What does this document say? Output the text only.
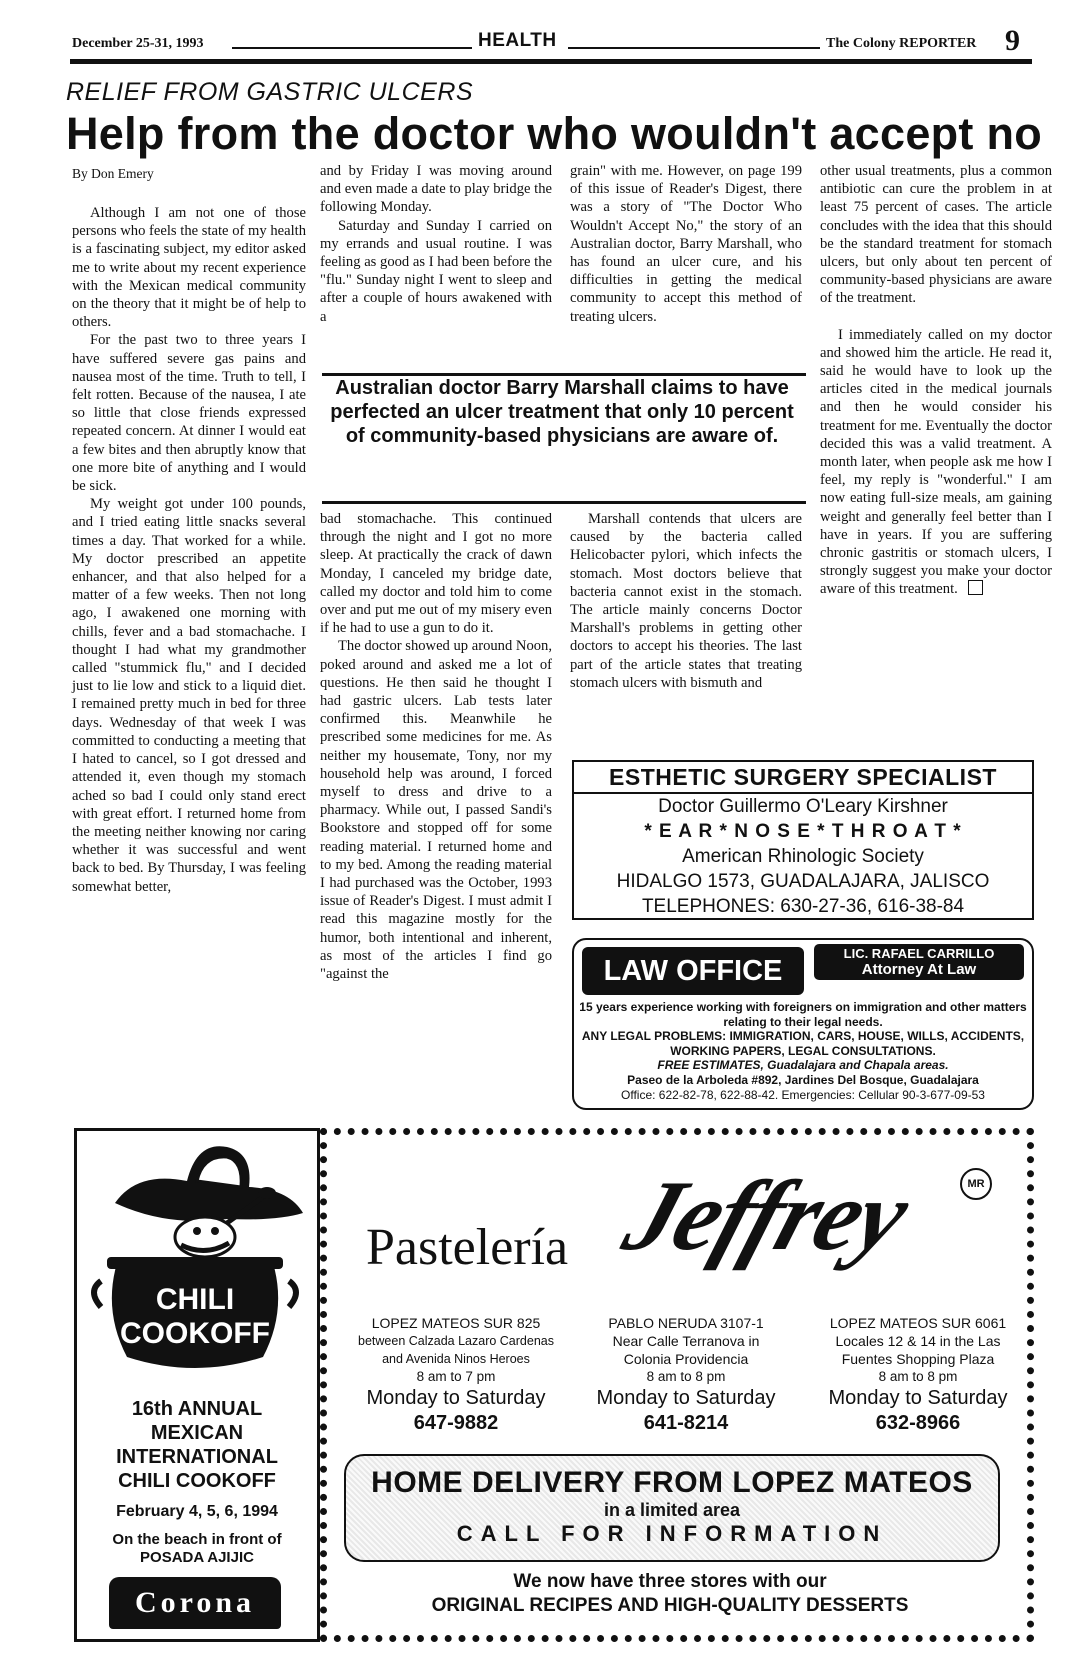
December 25-31, 1993	HEALTH	The Colony REPORTER 9
RELIEF FROM GASTRIC ULCERS
Help from the doctor who wouldn't accept no
By Don Emery

Although I am not one of those persons who feels the state of my health is a fascinating subject, my editor asked me to write about my recent experience with the Mexican medical community on the theory that it might be of help to others.

For the past two to three years I have suffered severe gas pains and nausea most of the time. Truth to tell, I felt rotten. Because of the nausea, I ate so little that close friends expressed repeated concern. At dinner I would eat a few bites and then abruptly know that one more bite of anything and I would be sick.

My weight got under 100 pounds, and I tried eating little snacks several times a day. That worked for a while. My doctor prescribed an appetite enhancer, and that also helped for a matter of a few weeks. Then not long ago, I awakened one morning with chills, fever and a bad stomachache. I thought I had what my grandmother called "stummick flu," and I decided just to lie low and stick to a liquid diet. I remained pretty much in bed for three days. Wednesday of that week I was committed to conducting a meeting that I hated to cancel, so I got dressed and attended it, even though my stomach ached so bad I could only stand erect with great effort. I returned home from the meeting neither knowing nor caring whether it was successful and went back to bed. By Thursday, I was feeling somewhat better,

and by Friday I was moving around and even made a date to play bridge the following Monday.

Saturday and Sunday I carried on my errands and usual routine. I was feeling as good as I had been before the "flu." Sunday night I went to sleep and after a couple of hours awakened with a

grain" with me. However, on page 199 of this issue of Reader's Digest, there was a story of "The Doctor Who Wouldn't Accept No," the story of an Australian doctor, Barry Marshall, who has found an ulcer cure, and his difficulties in getting the medical community to accept this method of treating ulcers.

other usual treatments, plus a common antibiotic can cure the problem in at least 75 percent of cases. The article concludes with the idea that this should be the standard treatment for stomach ulcers, but only about ten percent of community-based physicians are aware of the treatment.

I immediately called on my doctor and showed him the article. He read it, said he would have to look up the articles cited in the medical journals and then he would consider his treatment for me. Eventually the doctor decided this was a valid treatment. A month later, when people ask me how I feel, my reply is "wonderful." I am now eating full-size meals, am gaining weight and generally feel better than I have in years. If you are suffering chronic gastritis or stomach ulcers, I strongly suggest you make your doctor aware of this treatment.

Australian doctor Barry Marshall claims to have perfected an ulcer treatment that only 10 percent of community-based physicians are aware of.

bad stomachache. This continued through the night and I got no more sleep. At practically the crack of dawn Monday, I canceled my bridge date, called my doctor and told him to come over and put me out of my misery even if he had to use a gun to do it.

The doctor showed up around Noon, poked around and asked me a lot of questions. He then said he thought I had gastric ulcers. Lab tests later confirmed this. Meanwhile he prescribed some medicines for me. As neither my housemate, Tony, nor my household help was around, I forced myself to dress and drive to a pharmacy. While out, I passed Sandi's Bookstore and stopped off for some reading material. I returned home and to my bed. Among the reading material I had purchased was the October, 1993 issue of Reader's Digest. I must admit I read this magazine mostly for the humor, both intentional and inherent, as most of the articles I find go "against the

Marshall contends that ulcers are caused by the bacteria called Helicobacter pylori, which infects the stomach. Most doctors believe that bacteria cannot exist in the stomach. The article mainly concerns Doctor Marshall's problems in getting other doctors to accept his theories. The last part of the article states that treating stomach ulcers with bismuth and

ESTHETIC SURGERY SPECIALIST
Doctor Guillermo O'Leary Kirshner
* E A R * N O S E * T H R O A T *
American Rhinologic Society
HIDALGO 1573, GUADALAJARA, JALISCO
TELEPHONES: 630-27-36, 616-38-84
LAW OFFICE
LIC. RAFAEL CARRILLO
Attorney At Law
15 years experience working with foreigners on immigration and other matters relating to their legal needs.
ANY LEGAL PROBLEMS: IMMIGRATION, CARS, HOUSE, WILLS, ACCIDENTS, WORKING PAPERS, LEGAL CONSULTATIONS.
FREE ESTIMATES, Guadalajara and Chapala areas.
Paseo de la Arboleda #892, Jardines Del Bosque, Guadalajara
Office: 622-82-78, 622-88-42. Emergencies: Cellular 90-3-677-09-53
CHILI
COOKOFF
16th ANNUAL
MEXICAN
INTERNATIONAL
CHILI COOKOFF
February 4, 5, 6, 1994
On the beach in front of POSADA AJIJIC
Corona
Pastelería Jeffrey	MR
LOPEZ MATEOS SUR 825
between Calzada Lazaro Cardenas
and Avenida Ninos Heroes
8 am to 7 pm
Monday to Saturday
647-9882
PABLO NERUDA 3107-1
Near Calle Terranova in
Colonia Providencia
8 am to 8 pm
Monday to Saturday
641-8214
LOPEZ MATEOS SUR 6061
Locales 12 & 14 in the Las
Fuentes Shopping Plaza
8 am to 8 pm
Monday to Saturday
632-8966
HOME DELIVERY FROM LOPEZ MATEOS
in a limited area
CALL FOR INFORMATION
We now have three stores with our
ORIGINAL RECIPES AND HIGH-QUALITY DESSERTS
